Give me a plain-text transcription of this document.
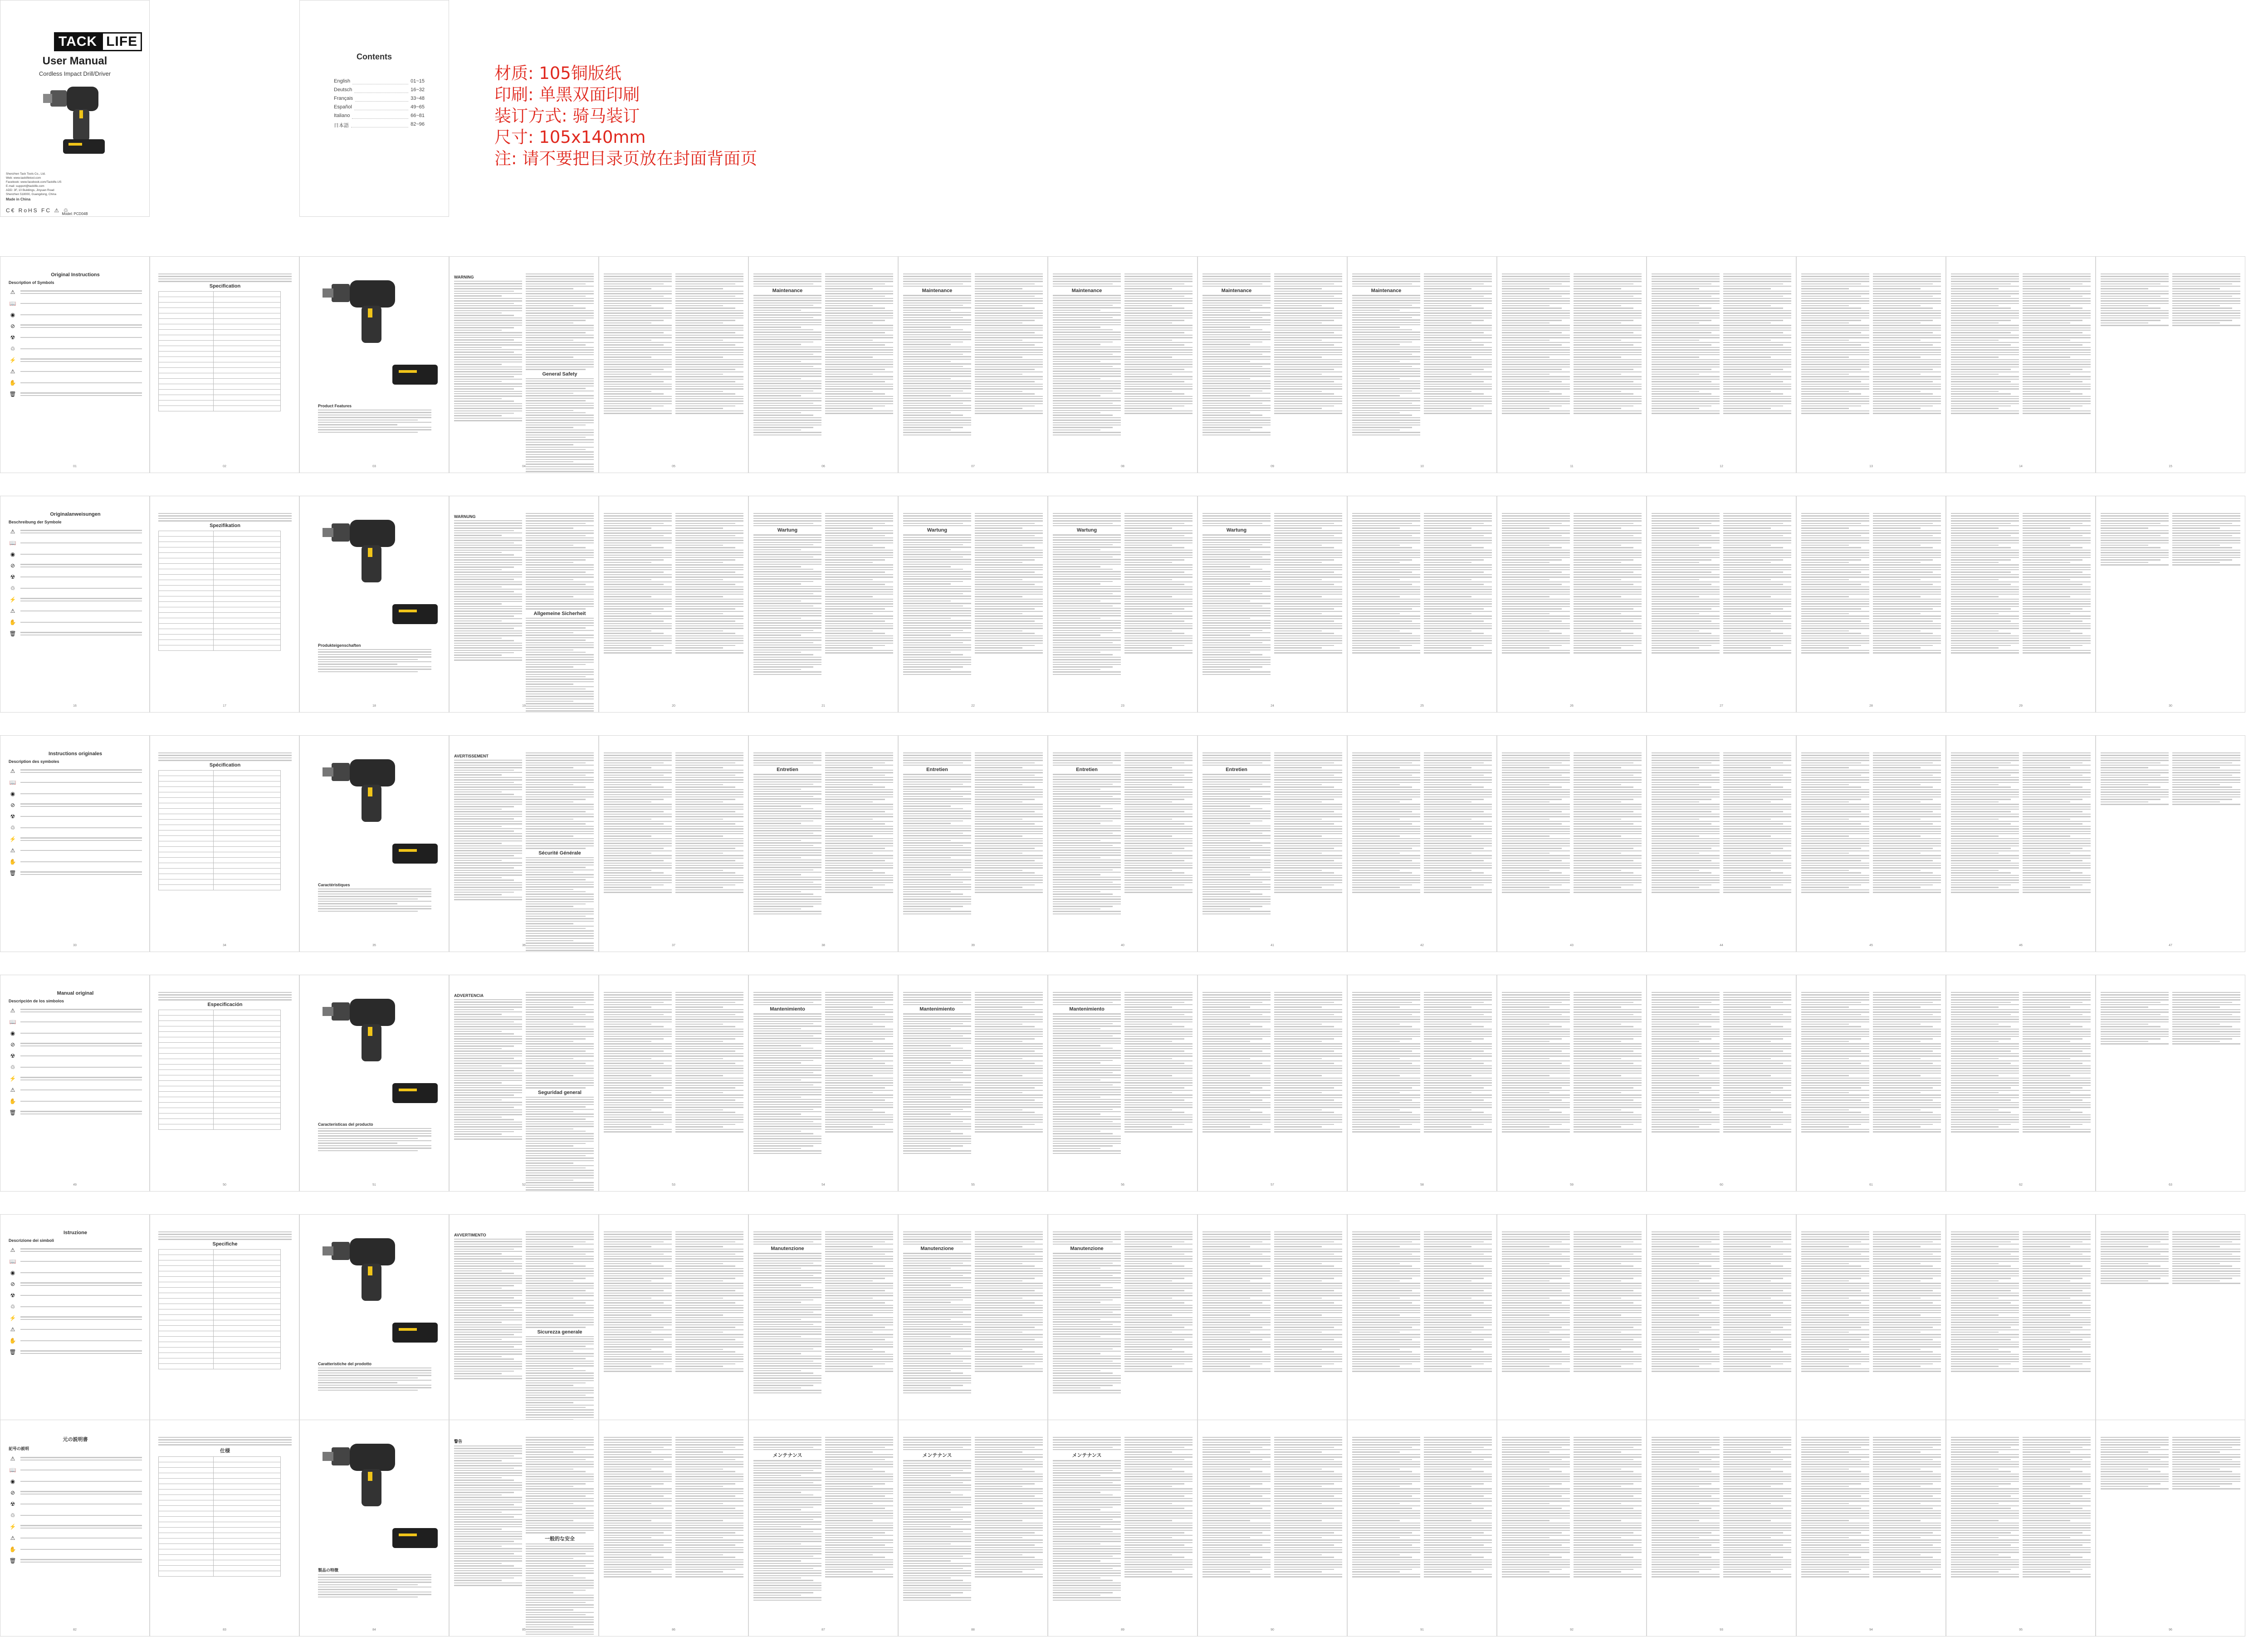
TACK LIFE
User Manual
Cordless Impact Drill/Driver
Shenzhen Tack Tools Co., Ltd.
Web: www.tacklifetool.com
Facebook: www.facebook.com/Tacklife.US
E-mail: support@tacklife.com
ADD: 3F, 10 Buildings, Jinyuan Road
Shenzhen 518000, Guangdong, China
Made in China
C€ RoHS FC ⚠ ♲
Model: PCD04B
Contents
English	01~15
Deutsch	16~32
Français	33~48
Español	49~65
Italiano	66~81
日本語	82~96
材质: 105铜版纸
印刷: 单黑双面印刷
装订方式: 骑马装订
尺寸: 105x140mm
注: 请不要把目录页放在封面背面页
Original Instructions
Description of Symbols
⚠
📖
◉
⊘
☢
♲
⚡
⚠
✋
🗑
01
Specification

02
Product Features
03
WARNING
General Safety
04	05
Maintenance
06
Maintenance
07
Maintenance
08
Maintenance
09
Maintenance
10	11	12	13	14	15
Originalanweisungen
Beschreibung der Symbole
⚠
📖
◉
⊘
☢
♲
⚡
⚠
✋
🗑
16
Spezifikation

17
Produkteigenschaften
18
WARNUNG
Allgemeine Sicherheit
19	20
Wartung
21
Wartung
22
Wartung
23
Wartung
24	25	26	27	28	29	30
Instructions originales
Description des symboles
⚠
📖
◉
⊘
☢
♲
⚡
⚠
✋
🗑
33
Spécification

34
Caractéristiques
35
AVERTISSEMENT
Sécurité Générale
36	37
Entretien
38
Entretien
39
Entretien
40
Entretien
41	42	43	44	45	46	47
Manual original
Descripción de los símbolos
⚠
📖
◉
⊘
☢
♲
⚡
⚠
✋
🗑
49
Especificación

50
Características del producto
51
ADVERTENCIA
Seguridad general
52	53
Mantenimiento
54
Mantenimiento
55
Mantenimiento
56	57	58	59	60	61	62	63
Istruzione
Descrizione dei simboli
⚠
📖
◉
⊘
☢
♲
⚡
⚠
✋
🗑
Specifiche

Caratteristiche del prodotto
AVVERTIMENTO
Sicurezza generale
Manutenzione	Manutenzione	Manutenzione
元の説明書
記号の説明
⚠
📖
◉
⊘
☢
♲
⚡
⚠
✋
🗑
82
仕様

83
製品の特徴
84
警告
一般的な安全
85	86
メンテナンス
87
メンテナンス
88
メンテナンス
89	90	91	92	93	94	95	96
